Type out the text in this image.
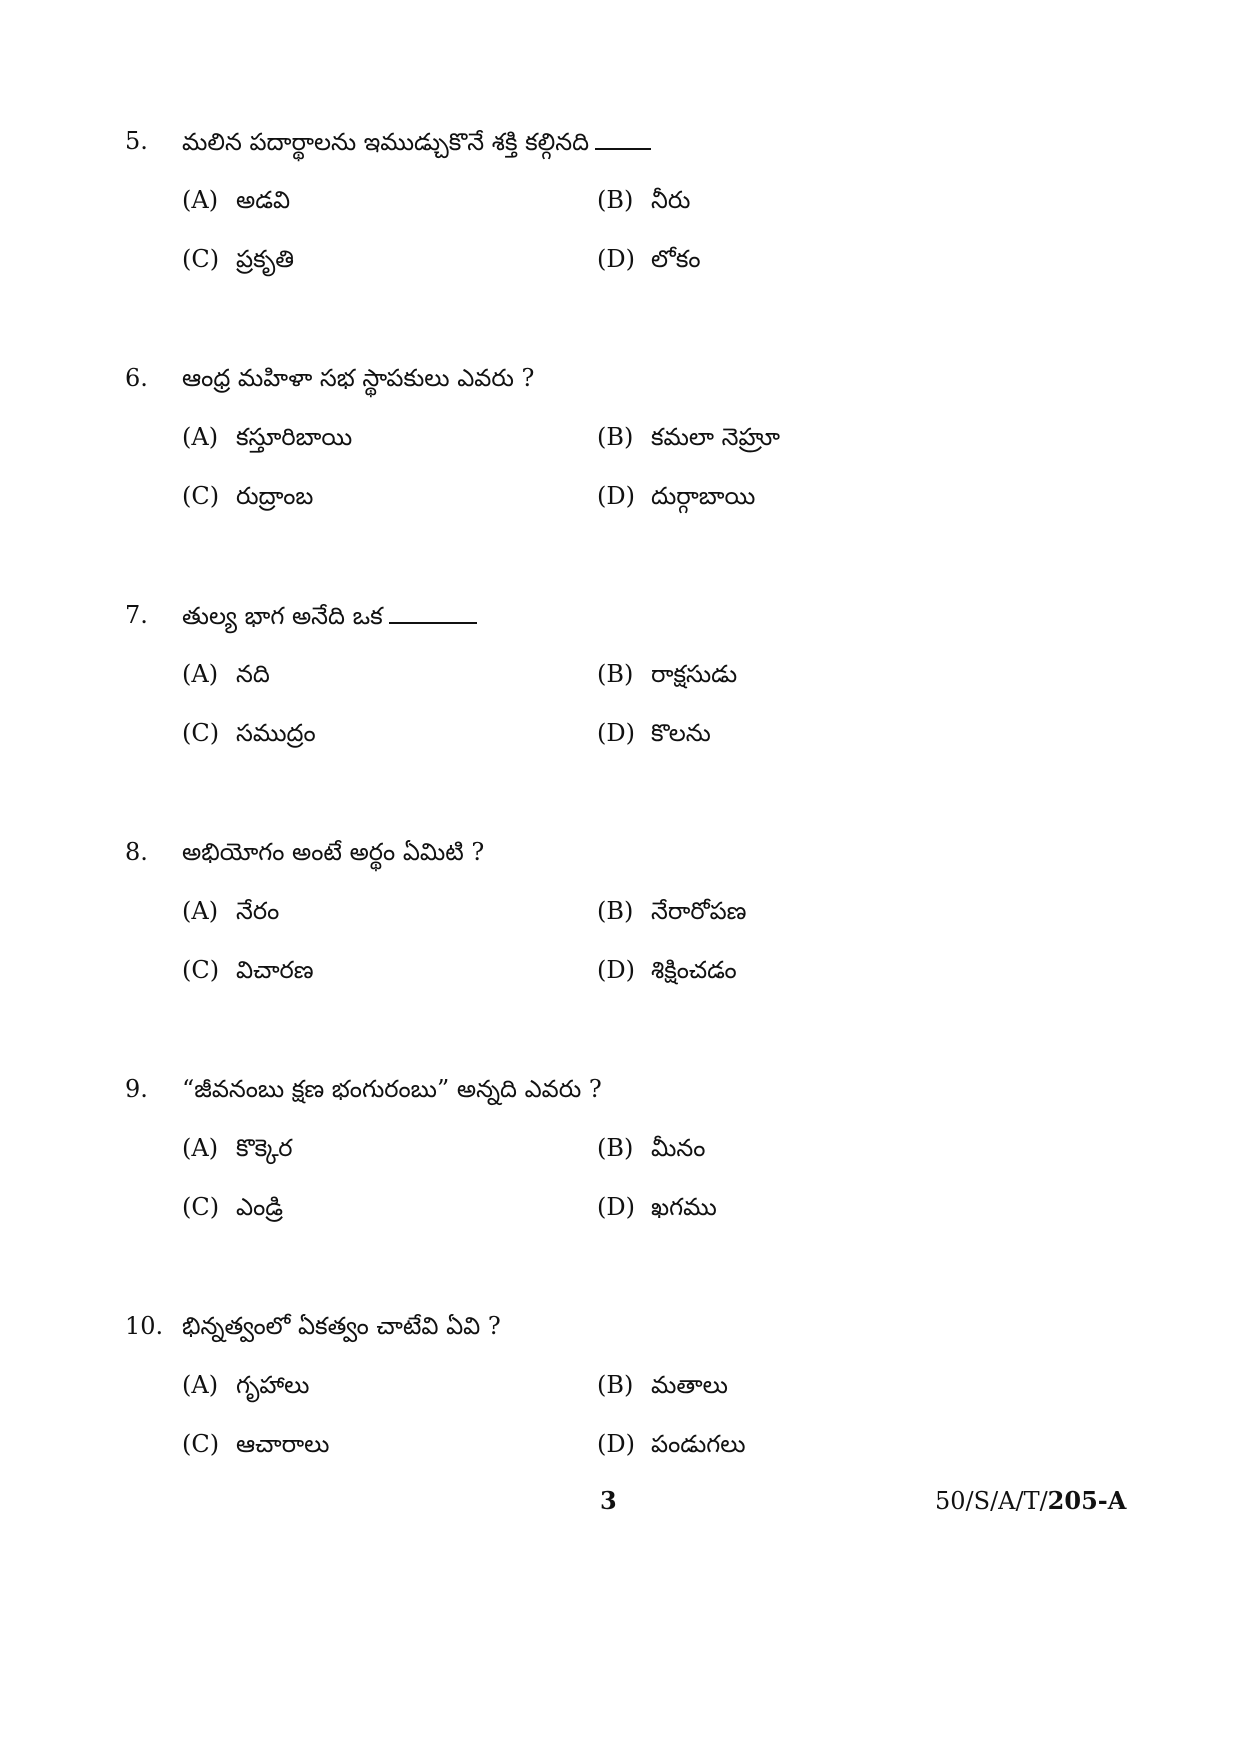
5. మలిన పదార్థాలను ఇముడ్చుకొనే శక్తి కల్గినది
(A) అడవి	(B) నీరు
(C) ప్రకృతి	(D) లోకం
6. ఆంధ్ర మహిళా సభ స్థాపకులు ఎవరు ?
(A) కస్తూరిబాయి	(B) కమలా నెహ్రూ
(C) రుద్రాంబ	(D) దుర్గాబాయి
7. తుల్య భాగ అనేది ఒక
(A) నది	(B) రాక్షసుడు
(C) సముద్రం	(D) కొలను
8. అభియోగం అంటే అర్థం ఏమిటి ?
(A) నేరం	(B) నేరారోపణ
(C) విచారణ	(D) శిక్షించడం
9. “జీవనంబు క్షణ భంగురంబు” అన్నది ఎవరు ?
(A) కొక్కెర	(B) మీనం
(C) ఎండ్రి	(D) ఖగము
10. భిన్నత్వంలో ఏకత్వం చాటేవి ఏవి ?
(A) గృహాలు	(B) మతాలు
(C) ఆచారాలు	(D) పండుగలు
3	50/S/A/T/205-A
